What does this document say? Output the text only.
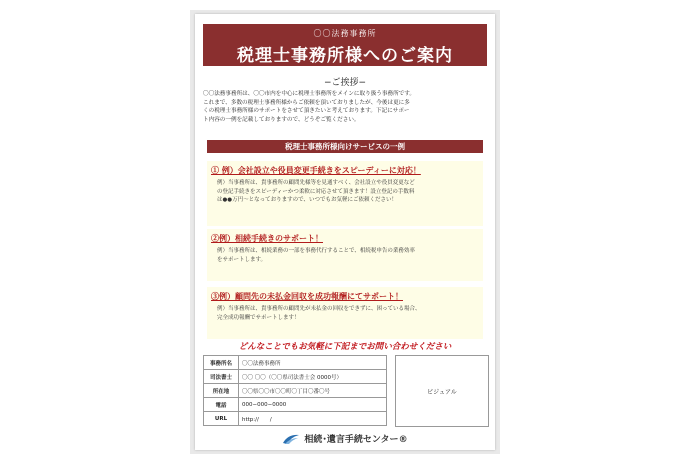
〇〇法務事務所
税理士事務所様へのご案内
−ご挨拶−
〇〇法務事務所は、〇〇市内を中心に税理士事務所をメインに取り扱う事務所です。
これまで、多数の税理士事務所様からご依頼を頂いておりましたが、今後は更に多
くの税理士事務所様のサポートをさせて頂きたいと考えております。下記にサポー
ト内容の一例を記載しておりますので、どうぞご覧ください。
税理士事務所様向けサービスの一例
① 例）会社設立や役員変更手続きをスピーディーに対応！
例）当事務所は、貴事務所の顧問先様等を見通すべく、会社設立や役員変更など
の登記手続きをスピーディーかつ柔軟に対応させて頂きます！設立登記の手数料
は●●万円〜となっておりますので、いつでもお気軽にご依頼ください！
②例）相続手続きのサポート！
例）当事務所は、相続業務の一部を事務代行することで、相続税申告の業務効率
をサポートします。
③例）顧問先の未払金回収を成功報酬にてサポート！
例）当事務所は、貴事務所の顧問先が未払金の回収をできずに、困っている場合、
完全成功報酬でサポートします！
どんなことでもお気軽に下記までお問い合わせください
事務所名	〇〇法務事務所
司法書士	〇〇 〇〇（〇〇県司法書士会 0000号）
所在地	〇〇県〇〇市〇〇町〇丁目〇番〇号
電話	000−000−0000
URL	http://　　/
ビジュアル
相続･遺言手続センター®
